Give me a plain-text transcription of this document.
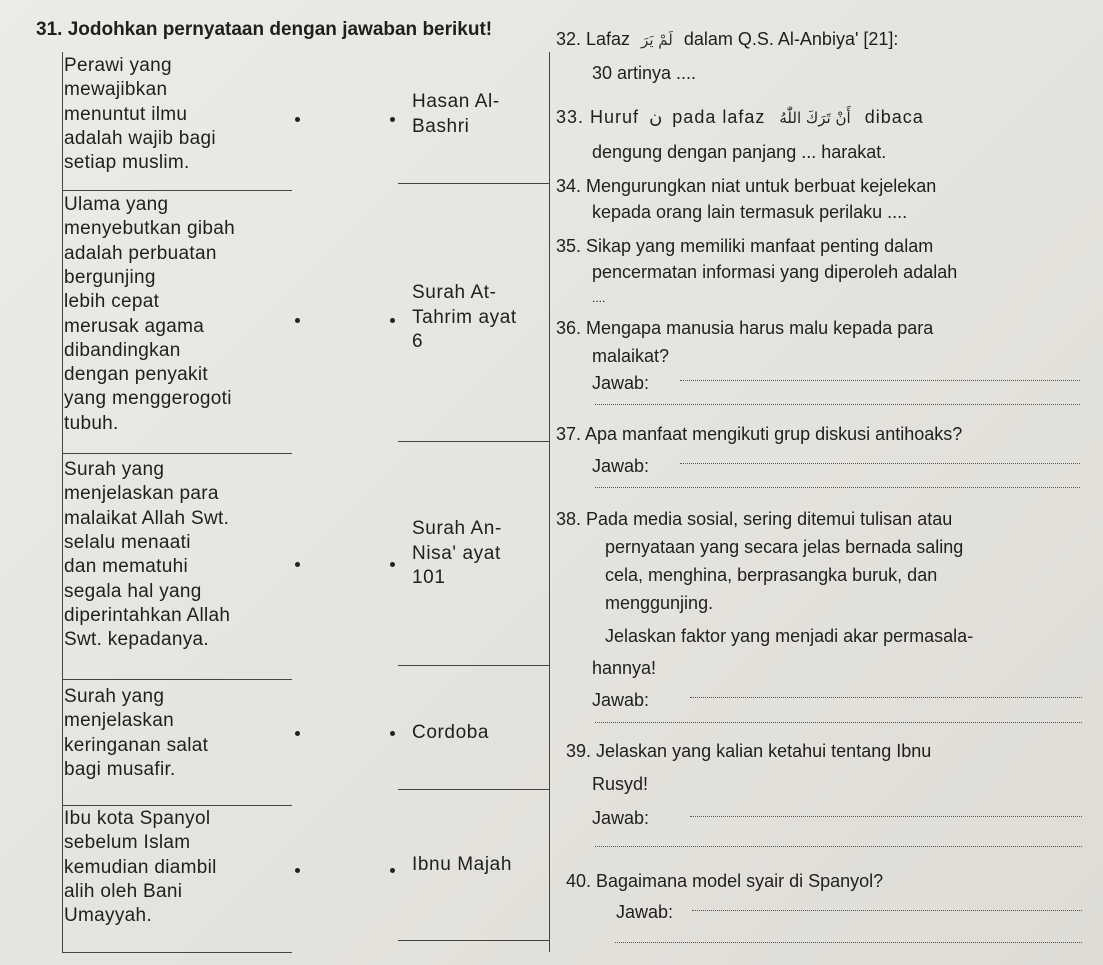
31. Jodohkan pernyataan dengan jawaban berikut!
Perawi yang
mewajibkan
menuntut ilmu
adalah wajib bagi
setiap muslim.
Ulama yang
menyebutkan gibah
adalah perbuatan
bergunjing
lebih cepat
merusak agama
dibandingkan
dengan penyakit
yang menggerogoti
tubuh.
Surah yang
menjelaskan para
malaikat Allah Swt.
selalu menaati
dan mematuhi
segala hal yang
diperintahkan Allah
Swt. kepadanya.
Surah yang
menjelaskan
keringanan salat
bagi musafir.
Ibu kota Spanyol
sebelum Islam
kemudian diambil
alih oleh Bani
Umayyah.
Hasan Al-
Bashri
Surah At-
Tahrim ayat
6
Surah An-
Nisa' ayat
101
Cordoba
Ibnu Majah
32. Lafaz لَمْ يَرَ dalam Q.S. Al-Anbiya' [21]:
30 artinya ....
33. Huruf ن pada lafaz أَنْ تَرَكَ اللّٰهُ dibaca
dengung dengan panjang ... harakat.
34. Mengurungkan niat untuk berbuat kejelekan
kepada orang lain termasuk perilaku ....
35. Sikap yang memiliki manfaat penting dalam
pencermatan informasi yang diperoleh adalah
....
36. Mengapa manusia harus malu kepada para
malaikat?
Jawab:
37. Apa manfaat mengikuti grup diskusi antihoaks?
Jawab:
38. Pada media sosial, sering ditemui tulisan atau
pernyataan yang secara jelas bernada saling
cela, menghina, berprasangka buruk, dan
menggunjing.
Jelaskan faktor yang menjadi akar permasala-
hannya!
Jawab:
39. Jelaskan yang kalian ketahui tentang Ibnu
Rusyd!
Jawab:
40. Bagaimana model syair di Spanyol?
Jawab:
